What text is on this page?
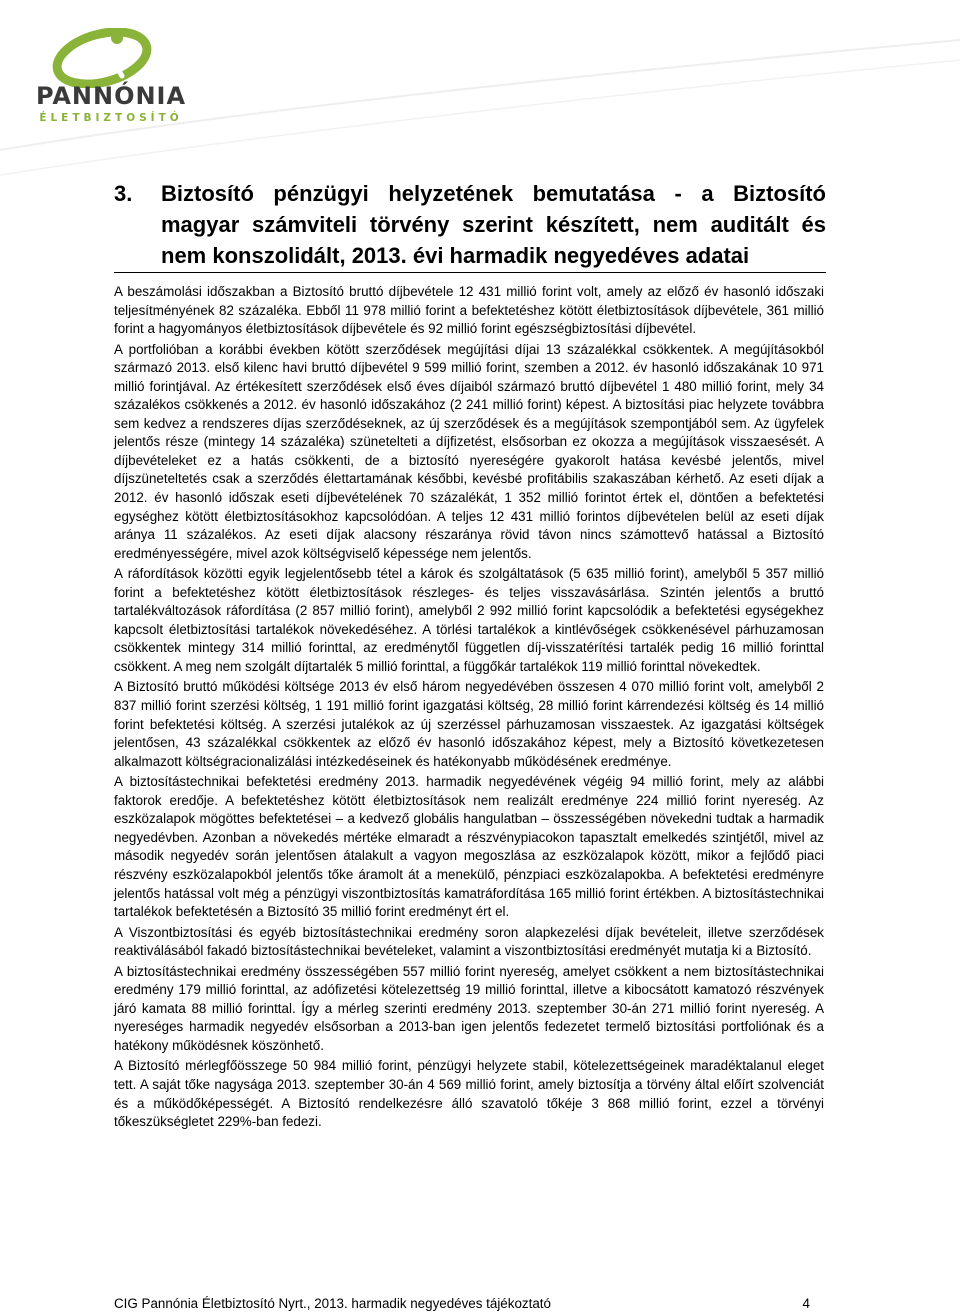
PANNÓNIA
ÉLETBIZTOSÍTÓ
3. Biztosító pénzügyi helyzetének bemutatása - a Biztosító magyar számviteli törvény szerint készített, nem auditált és nem konszolidált, 2013. évi harmadik negyedéves adatai

A beszámolási időszakban a Biztosító bruttó díjbevétele 12 431 millió forint volt, amely az előző év hasonló időszaki teljesítményének 82 százaléka. Ebből 11 978 millió forint a befektetéshez kötött életbiztosítások díjbevétele, 361 millió forint a hagyományos életbiztosítások díjbevétele és 92 millió forint egészségbiztosítási díjbevétel.

A portfolióban a korábbi években kötött szerződések megújítási díjai 13 százalékkal csökkentek. A megújításokból származó 2013. első kilenc havi bruttó díjbevétel 9 599 millió forint, szemben a 2012. év hasonló időszakának 10 971 millió forintjával. Az értékesített szerződések első éves díjaiból származó bruttó díjbevétel 1 480 millió forint, mely 34 százalékos csökkenés a 2012. év hasonló időszakához (2 241 millió forint) képest. A biztosítási piac helyzete továbbra sem kedvez a rendszeres díjas szerződéseknek, az új szerződések és a megújítások szempontjából sem. Az ügyfelek jelentős része (mintegy 14 százaléka) szünetelteti a díjfizetést, elsősorban ez okozza a megújítások visszaesését. A díjbevételeket ez a hatás csökkenti, de a biztosító nyereségére gyakorolt hatása kevésbé jelentős, mivel díjszüneteltetés csak a szerződés élettartamának későbbi, kevésbé profitábilis szakaszában kérhető. Az eseti díjak a 2012. év hasonló időszak eseti díjbevételének 70 százalékát, 1 352 millió forintot értek el, döntően a befektetési egységhez kötött életbiztosításokhoz kapcsolódóan. A teljes 12 431 millió forintos díjbevételen belül az eseti díjak aránya 11 százalékos. Az eseti díjak alacsony részaránya rövid távon nincs számottevő hatással a Biztosító eredményességére, mivel azok költségviselő képessége nem jelentős.

A ráfordítások közötti egyik legjelentősebb tétel a károk és szolgáltatások (5 635 millió forint), amelyből 5 357 millió forint a befektetéshez kötött életbiztosítások részleges- és teljes visszavásárlása. Szintén jelentős a bruttó tartalékváltozások ráfordítása (2 857 millió forint), amelyből 2 992 millió forint kapcsolódik a befektetési egységekhez kapcsolt életbiztosítási tartalékok növekedéséhez. A törlési tartalékok a kintlévőségek csökkenésével párhuzamosan csökkentek mintegy 314 millió forinttal, az eredménytől független díj-visszatérítési tartalék pedig 16 millió forinttal csökkent. A meg nem szolgált díjtartalék 5 millió forinttal, a függőkár tartalékok 119 millió forinttal növekedtek.

A Biztosító bruttó működési költsége 2013 év első három negyedévében összesen 4 070 millió forint volt, amelyből 2 837 millió forint szerzési költség, 1 191 millió forint igazgatási költség, 28 millió forint kárrendezési költség és 14 millió forint befektetési költség. A szerzési jutalékok az új szerzéssel párhuzamosan visszaestek. Az igazgatási költségek jelentősen, 43 százalékkal csökkentek az előző év hasonló időszakához képest, mely a Biztosító következetesen alkalmazott költségracionalizálási intézkedéseinek és hatékonyabb működésének eredménye.

A biztosítástechnikai befektetési eredmény 2013. harmadik negyedévének végéig 94 millió forint, mely az alábbi faktorok eredője. A befektetéshez kötött életbiztosítások nem realizált eredménye 224 millió forint nyereség. Az eszközalapok mögöttes befektetései – a kedvező globális hangulatban – összességében növekedni tudtak a harmadik negyedévben. Azonban a növekedés mértéke elmaradt a részvénypiacokon tapasztalt emelkedés szintjétől, mivel az második negyedév során jelentősen átalakult a vagyon megoszlása az eszközalapok között, mikor a fejlődő piaci részvény eszközalapokból jelentős tőke áramolt át a menekülő, pénzpiaci eszközalapokba. A befektetési eredményre jelentős hatással volt még a pénzügyi viszontbiztosítás kamatráfordítása 165 millió forint értékben. A biztosítástechnikai tartalékok befektetésén a Biztosító 35 millió forint eredményt ért el.

A Viszontbiztosítási és egyéb biztosítástechnikai eredmény soron alapkezelési díjak bevételeit, illetve szerződések reaktiválásából fakadó biztosítástechnikai bevételeket, valamint a viszontbiztosítási eredményét mutatja ki a Biztosító.

A biztosítástechnikai eredmény összességében 557 millió forint nyereség, amelyet csökkent a nem biztosítástechnikai eredmény 179 millió forinttal, az adófizetési kötelezettség 19 millió forinttal, illetve a kibocsátott kamatozó részvények járó kamata 88 millió forinttal. Így a mérleg szerinti eredmény 2013. szeptember 30-án 271 millió forint nyereség. A nyereséges harmadik negyedév elsősorban a 2013-ban igen jelentős fedezetet termelő biztosítási portfoliónak és a hatékony működésnek köszönhető.

A Biztosító mérlegfőösszege 50 984 millió forint, pénzügyi helyzete stabil, kötelezettségeinek maradéktalanul eleget tett. A saját tőke nagysága 2013. szeptember 30-án 4 569 millió forint, amely biztosítja a törvény által előírt szolvenciát és a működőképességét. A Biztosító rendelkezésre álló szavatoló tőkéje 3 868 millió forint, ezzel a törvényi tőkeszükségletet 229%-ban fedezi.

CIG Pannónia Életbiztosító Nyrt., 2013. harmadik negyedéves tájékoztató	4
